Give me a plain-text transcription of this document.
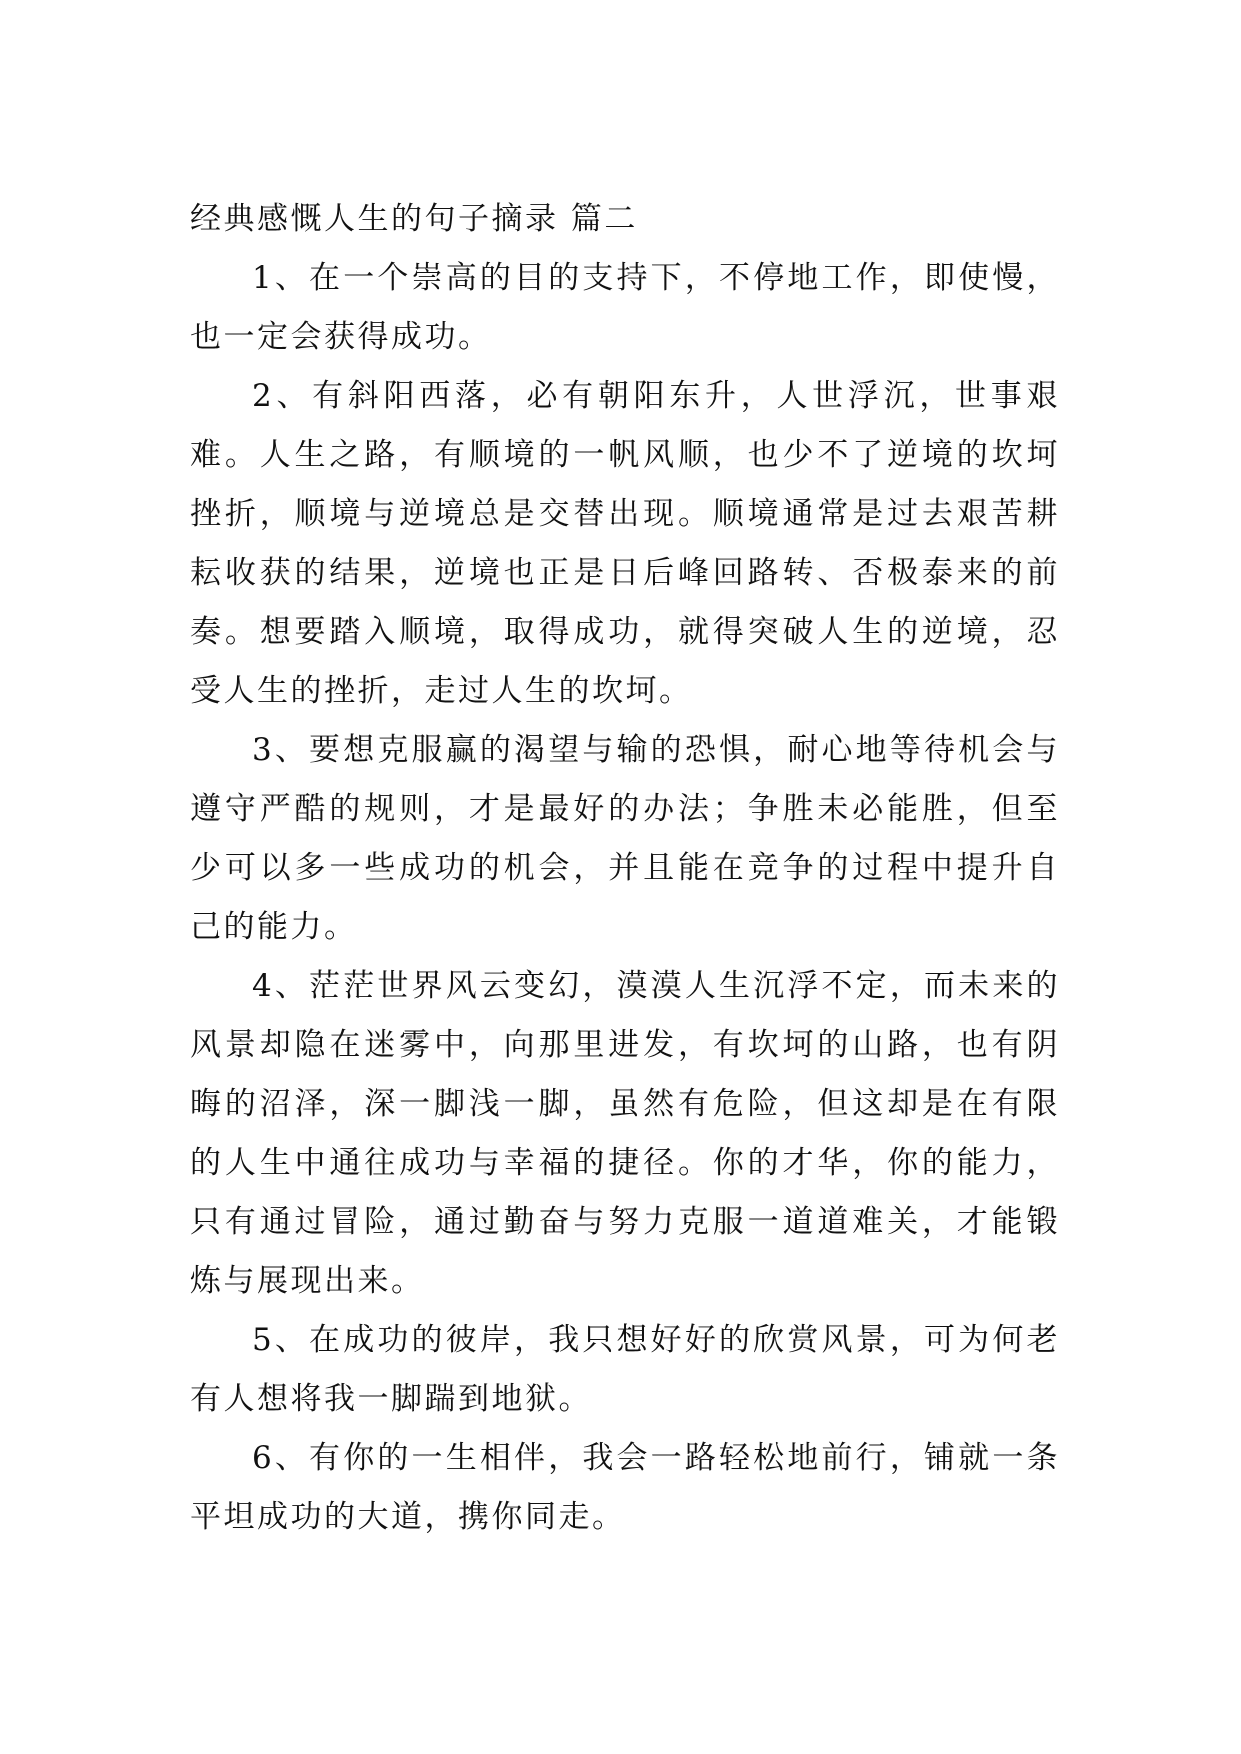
经典感慨人生的句子摘录 篇二

1、在一个崇高的目的支持下，不停地工作，即使慢，也一定会获得成功。

2、有斜阳西落，必有朝阳东升，人世浮沉，世事艰难。人生之路，有顺境的一帆风顺，也少不了逆境的坎坷挫折，顺境与逆境总是交替出现。顺境通常是过去艰苦耕耘收获的结果，逆境也正是日后峰回路转、否极泰来的前奏。想要踏入顺境，取得成功，就得突破人生的逆境，忍受人生的挫折，走过人生的坎坷。

3、要想克服赢的渴望与输的恐惧，耐心地等待机会与遵守严酷的规则，才是最好的办法；争胜未必能胜，但至少可以多一些成功的机会，并且能在竞争的过程中提升自己的能力。

4、茫茫世界风云变幻，漠漠人生沉浮不定，而未来的风景却隐在迷雾中，向那里进发，有坎坷的山路，也有阴晦的沼泽，深一脚浅一脚，虽然有危险，但这却是在有限的人生中通往成功与幸福的捷径。你的才华，你的能力，只有通过冒险，通过勤奋与努力克服一道道难关，才能锻炼与展现出来。

5、在成功的彼岸，我只想好好的欣赏风景，可为何老有人想将我一脚踹到地狱。

6、有你的一生相伴，我会一路轻松地前行，铺就一条平坦成功的大道，携你同走。
